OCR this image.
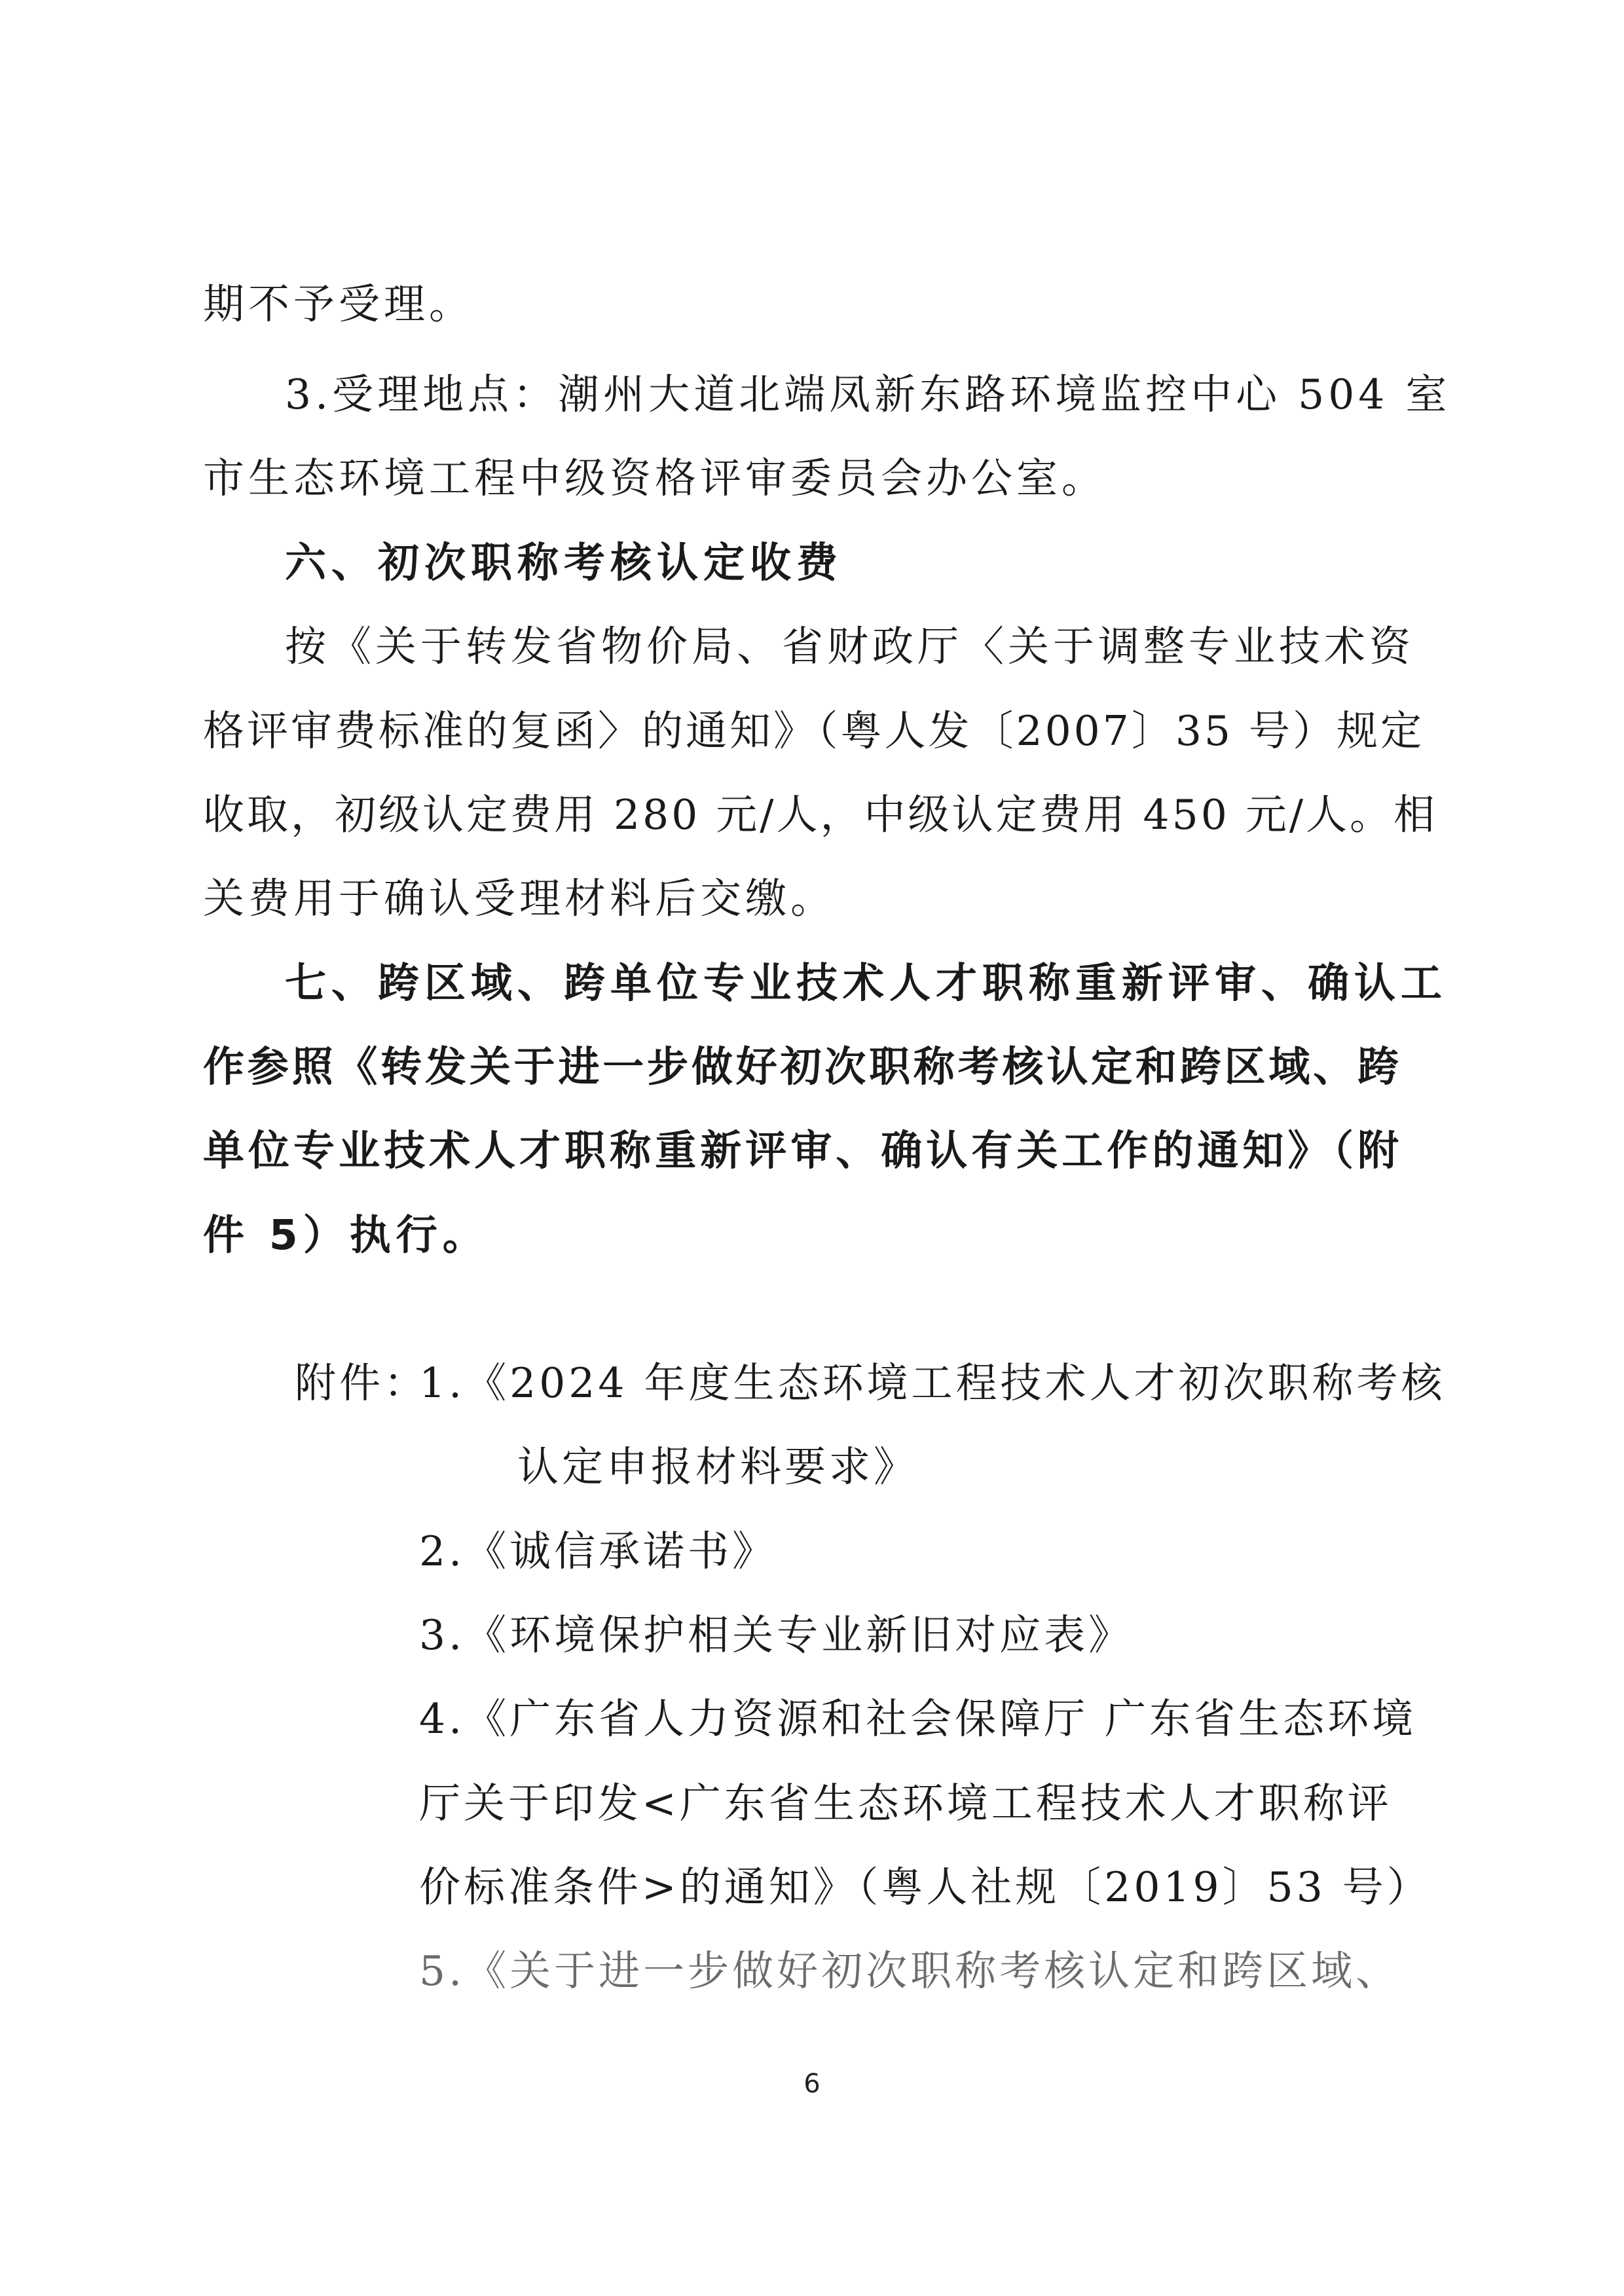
期不予受理。
3.受理地点：潮州大道北端凤新东路环境监控中心 504 室
市生态环境工程中级资格评审委员会办公室。
六、初次职称考核认定收费
按《关于转发省物价局、省财政厅〈关于调整专业技术资
格评审费标准的复函〉的通知》（粤人发〔2007〕35 号）规定
收取，初级认定费用 280 元/人，中级认定费用 450 元/人。相
关费用于确认受理材料后交缴。
七、跨区域、跨单位专业技术人才职称重新评审、确认工
作参照《转发关于进一步做好初次职称考核认定和跨区域、跨
单位专业技术人才职称重新评审、确认有关工作的通知》（附
件 5）执行。
附件：
1.《2024 年度生态环境工程技术人才初次职称考核
认定申报材料要求》
2.《诚信承诺书》
3.《环境保护相关专业新旧对应表》
4.《广东省人力资源和社会保障厅 广东省生态环境
厅关于印发<广东省生态环境工程技术人才职称评
价标准条件>的通知》（粤人社规〔2019〕53 号）
5.《关于进一步做好初次职称考核认定和跨区域、
6
